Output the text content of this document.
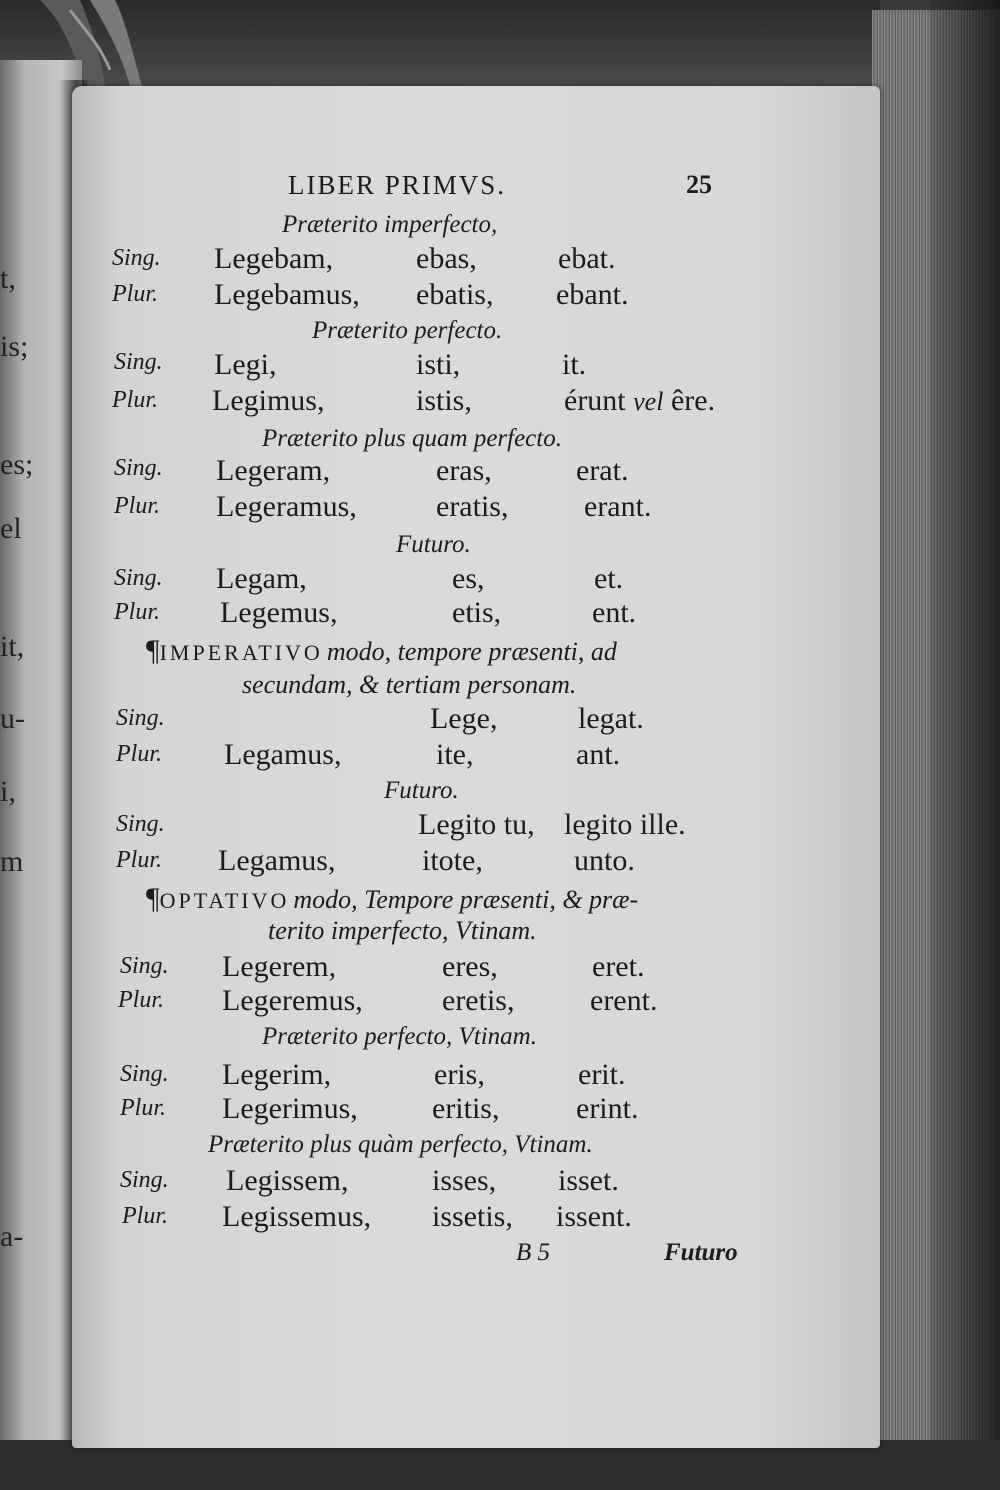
t,
is;
es;
el
it,
u-
i,
m
a-
LIBER PRIMVS.	25
Præterito imperfecto,
Sing. Legebam,	ebas,	ebat.
Plur. Legebamus, ebatis, ebant.
Præterito perfecto.
Sing. Legi,	isti,	it.
Plur. Legimus,	istis,	érunt vel êre.
Præterito plus quam perfecto.
Sing. Legeram,	eras,	erat.
Plur. Legeramus,	eratis,	erant.
Futuro.
Sing. Legam,	es,	et.
Plur. Legemus,	etis,	ent.
¶IMPERATIVO modo, tempore præsenti, ad
secundam, & tertiam personam.
Sing.	Lege,	legat.
Plur. Legamus,	ite,	ant.
Futuro.
Sing.	Legito tu, legito ille.
Plur. Legamus,	itote,	unto.
¶OPTATIVO modo, Tempore præsenti, & præ-
terito imperfecto, Vtinam.
Sing. Legerem,	eres,	eret.
Plur. Legeremus,	eretis,	erent.
Præterito perfecto, Vtinam.
Sing. Legerim,	eris,	erit.
Plur. Legerimus, eritis,	erint.
Præterito plus quàm perfecto, Vtinam.
Sing. Legissem,	isses, isset.
Plur. Legissemus, issetis, issent.
B 5	Futuro
